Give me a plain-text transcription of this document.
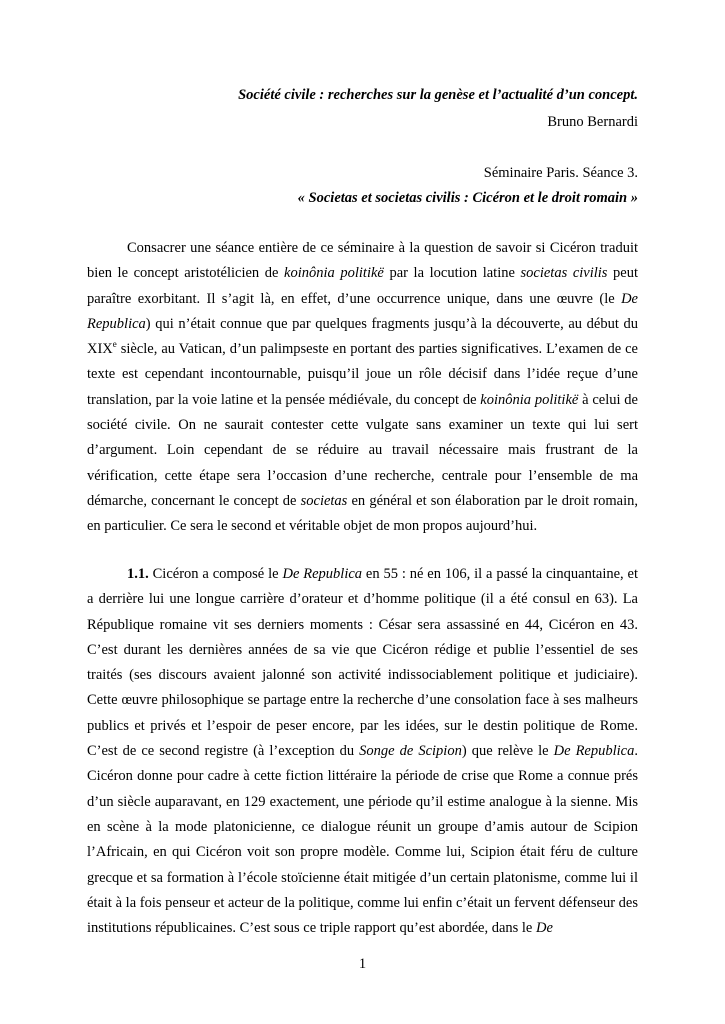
Société civile : recherches sur la genèse et l’actualité d’un concept.
Bruno Bernardi
Séminaire Paris. Séance 3.
« Societas et societas civilis : Cicéron et le droit romain »

Consacrer une séance entière de ce séminaire à la question de savoir si Cicéron traduit bien le concept aristotélicien de koinônia politikë par la locution latine societas civilis peut paraître exorbitant. Il s’agit là, en effet, d’une occurrence unique, dans une œuvre (le De Republica) qui n’était connue que par quelques fragments jusqu’à la découverte, au début du XIXe siècle, au Vatican, d’un palimpseste en portant des parties significatives. L’examen de ce texte est cependant incontournable, puisqu’il joue un rôle décisif dans l’idée reçue d’une translation, par la voie latine et la pensée médiévale, du concept de koinônia politikë à celui de société civile. On ne saurait contester cette vulgate sans examiner un texte qui lui sert d’argument. Loin cependant de se réduire au travail nécessaire mais frustrant de la vérification, cette étape sera l’occasion d’une recherche, centrale pour l’ensemble de ma démarche, concernant le concept de societas en général et son élaboration par le droit romain, en particulier. Ce sera le second et véritable objet de mon propos aujourd’hui.

1.1. Cicéron a composé le De Republica en 55 : né en 106, il a passé la cinquantaine, et a derrière lui une longue carrière d’orateur et d’homme politique (il a été consul en 63). La République romaine vit ses derniers moments : César sera assassiné en 44, Cicéron en 43. C’est durant les dernières années de sa vie que Cicéron rédige et publie l’essentiel de ses traités (ses discours avaient jalonné son activité indissociablement politique et judiciaire). Cette œuvre philosophique se partage entre la recherche d’une consolation face à ses malheurs publics et privés et l’espoir de peser encore, par les idées, sur le destin politique de Rome. C’est de ce second registre (à l’exception du Songe de Scipion) que relève le De Republica. Cicéron donne pour cadre à cette fiction littéraire la période de crise que Rome a connue prés d’un siècle auparavant, en 129 exactement, une période qu’il estime analogue à la sienne. Mis en scène à la mode platonicienne, ce dialogue réunit un groupe d’amis autour de Scipion l’Africain, en qui Cicéron voit son propre modèle. Comme lui, Scipion était féru de culture grecque et sa formation à l’école stoïcienne était mitigée d’un certain platonisme, comme lui il était à la fois penseur et acteur de la politique, comme lui enfin c’était un fervent défenseur des institutions républicaines. C’est sous ce triple rapport qu’est abordée, dans le De

1
